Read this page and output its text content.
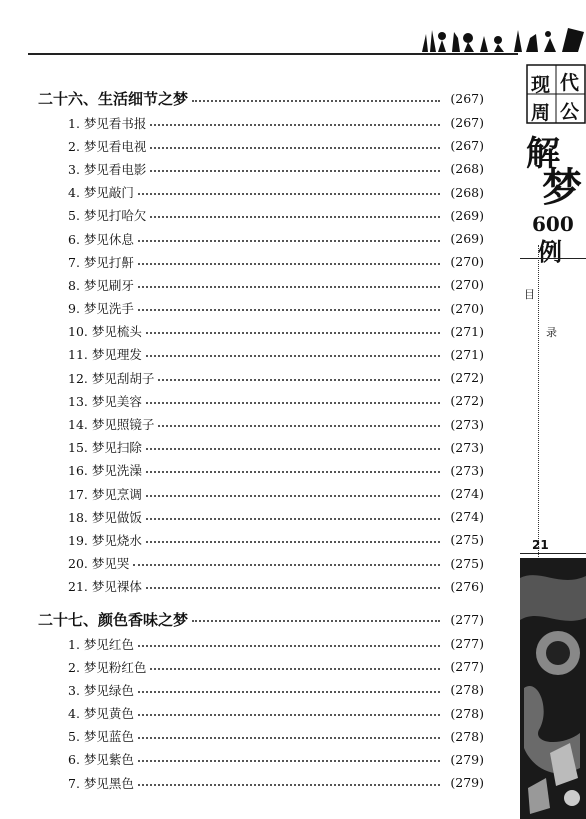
二十六、生活细节之梦	(267)
1. 梦见看书报	(267)
2. 梦见看电视	(267)
3. 梦见看电影	(268)
4. 梦见敲门	(268)
5. 梦见打哈欠	(269)
6. 梦见休息	(269)
7. 梦见打鼾	(270)
8. 梦见刷牙	(270)
9. 梦见洗手	(270)
10. 梦见梳头	(271)
11. 梦见理发	(271)
12. 梦见刮胡子	(272)
13. 梦见美容	(272)
14. 梦见照镜子	(273)
15. 梦见扫除	(273)
16. 梦见洗澡	(273)
17. 梦见烹调	(274)
18. 梦见做饭	(274)
19. 梦见烧水	(275)
20. 梦见哭	(275)
21. 梦见裸体	(276)
二十七、颜色香味之梦	(277)
1. 梦见红色	(277)
2. 梦见粉红色	(277)
3. 梦见绿色	(278)
4. 梦见黄色	(278)
5. 梦见蓝色	(278)
6. 梦见紫色	(279)
7. 梦见黑色	(279)
现 代
周 公
解
梦
600
例
目
录
21
